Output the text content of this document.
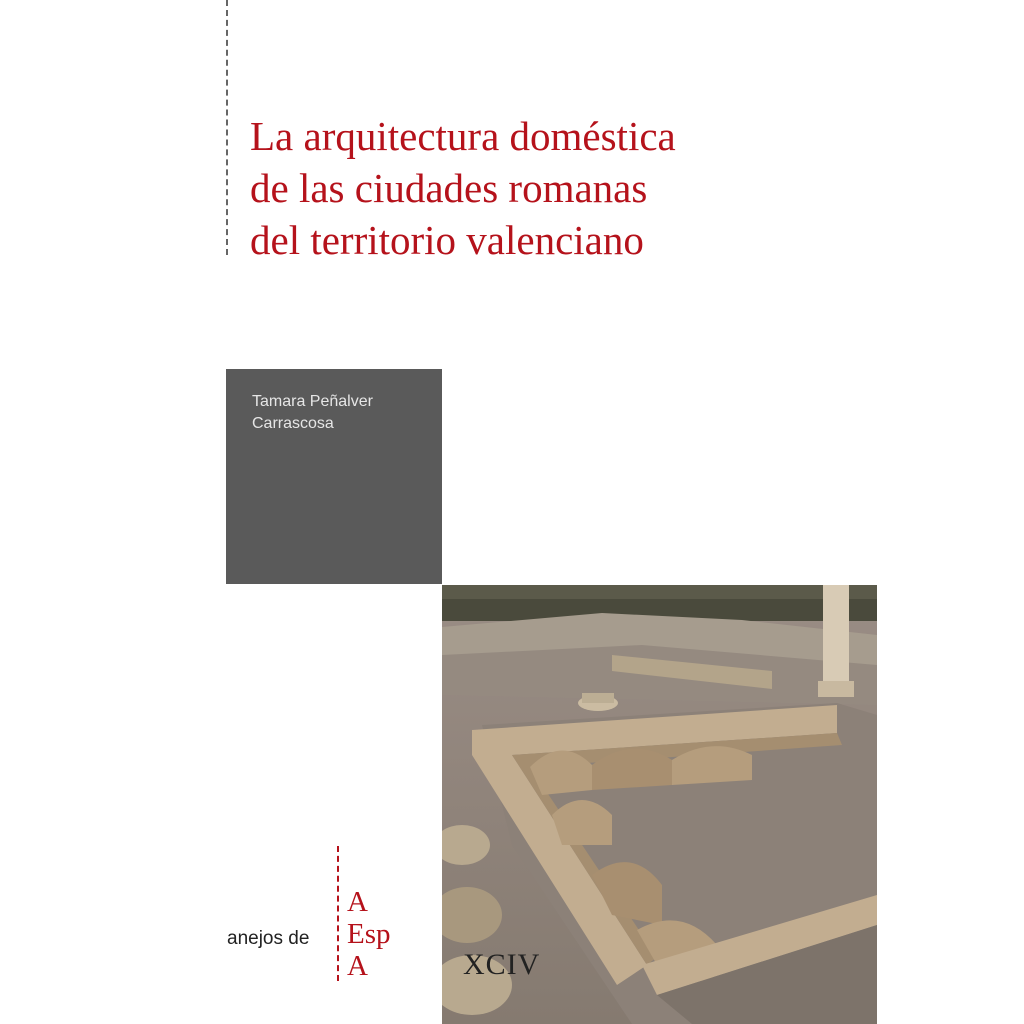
La arquitectura doméstica
de las ciudades romanas
del territorio valenciano
Tamara Peñalver
Carrascosa
XCIV
anejos de
A
Esp
A
